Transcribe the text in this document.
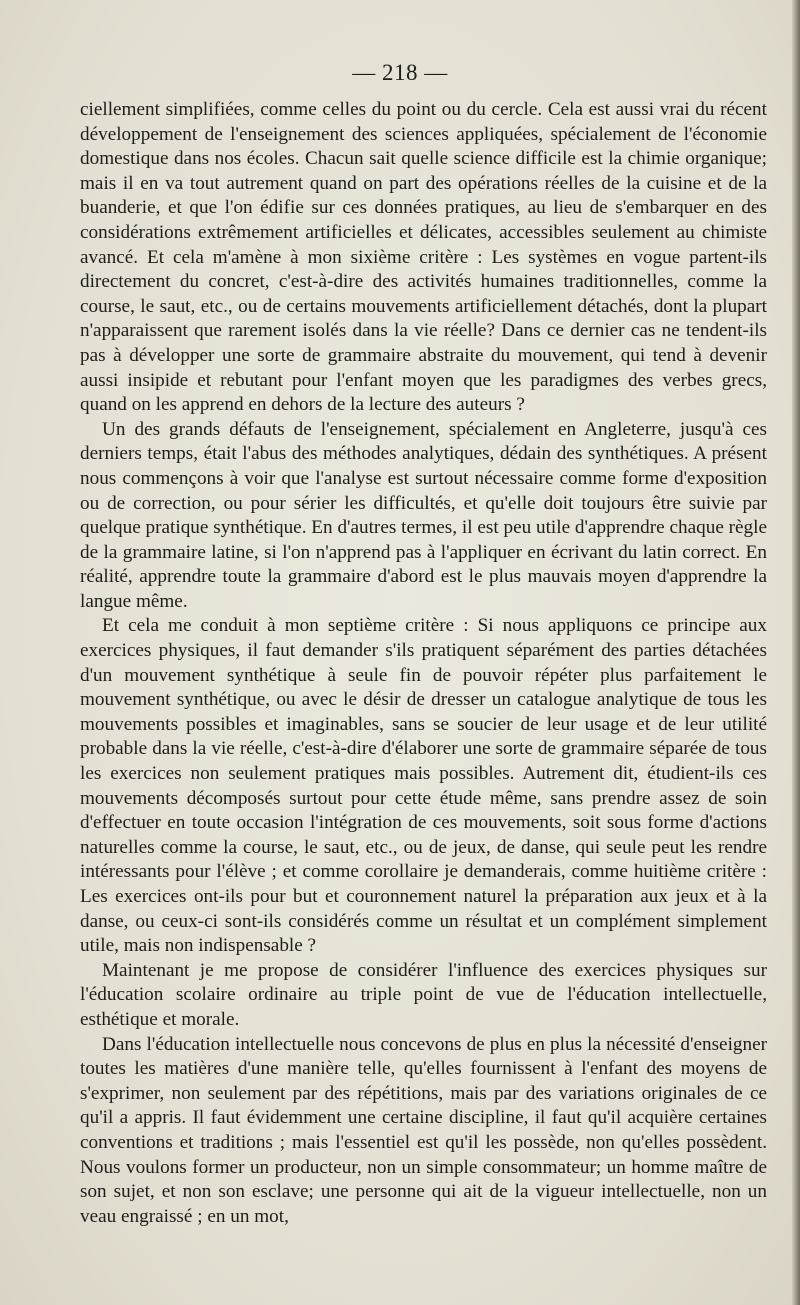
— 218 —

ciellement simplifiées, comme celles du point ou du cercle. Cela est aussi vrai du récent développement de l'enseignement des sciences appliquées, spécialement de l'économie domestique dans nos écoles. Chacun sait quelle science difficile est la chimie organique; mais il en va tout autrement quand on part des opérations réelles de la cuisine et de la buanderie, et que l'on édifie sur ces données pratiques, au lieu de s'embarquer en des considérations extrêmement artificielles et délicates, accessibles seulement au chimiste avancé. Et cela m'amène à mon sixième critère : Les systèmes en vogue partent-ils directement du concret, c'est-à-dire des activités humaines traditionnelles, comme la course, le saut, etc., ou de certains mouvements artificiellement détachés, dont la plupart n'apparaissent que rarement isolés dans la vie réelle? Dans ce dernier cas ne tendent-ils pas à développer une sorte de grammaire abstraite du mouvement, qui tend à devenir aussi insipide et rebutant pour l'enfant moyen que les paradigmes des verbes grecs, quand on les apprend en dehors de la lecture des auteurs ?

Un des grands défauts de l'enseignement, spécialement en Angleterre, jusqu'à ces derniers temps, était l'abus des méthodes analytiques, dédain des synthétiques. A présent nous commençons à voir que l'analyse est surtout nécessaire comme forme d'exposition ou de correction, ou pour sérier les difficultés, et qu'elle doit toujours être suivie par quelque pratique synthétique. En d'autres termes, il est peu utile d'apprendre chaque règle de la grammaire latine, si l'on n'apprend pas à l'appliquer en écrivant du latin correct. En réalité, apprendre toute la grammaire d'abord est le plus mauvais moyen d'apprendre la langue même.

Et cela me conduit à mon septième critère : Si nous appliquons ce principe aux exercices physiques, il faut demander s'ils pratiquent séparément des parties détachées d'un mouvement synthétique à seule fin de pouvoir répéter plus parfaitement le mouvement synthétique, ou avec le désir de dresser un catalogue analytique de tous les mouvements possibles et imaginables, sans se soucier de leur usage et de leur utilité probable dans la vie réelle, c'est-à-dire d'élaborer une sorte de grammaire séparée de tous les exercices non seulement pratiques mais possibles. Autrement dit, étudient-ils ces mouvements décomposés surtout pour cette étude même, sans prendre assez de soin d'effectuer en toute occasion l'intégration de ces mouvements, soit sous forme d'actions naturelles comme la course, le saut, etc., ou de jeux, de danse, qui seule peut les rendre intéressants pour l'élève ; et comme corollaire je demanderais, comme huitième critère : Les exercices ont-ils pour but et couronnement naturel la préparation aux jeux et à la danse, ou ceux-ci sont-ils considérés comme un résultat et un complément simplement utile, mais non indispensable ?

Maintenant je me propose de considérer l'influence des exercices physiques sur l'éducation scolaire ordinaire au triple point de vue de l'éducation intellectuelle, esthétique et morale.

Dans l'éducation intellectuelle nous concevons de plus en plus la nécessité d'enseigner toutes les matières d'une manière telle, qu'elles fournissent à l'enfant des moyens de s'exprimer, non seulement par des répétitions, mais par des variations originales de ce qu'il a appris. Il faut évidemment une certaine discipline, il faut qu'il acquière certaines conventions et traditions ; mais l'essentiel est qu'il les possède, non qu'elles possèdent. Nous voulons former un producteur, non un simple consommateur; un homme maître de son sujet, et non son esclave; une personne qui ait de la vigueur intellectuelle, non un veau engraissé ; en un mot,
